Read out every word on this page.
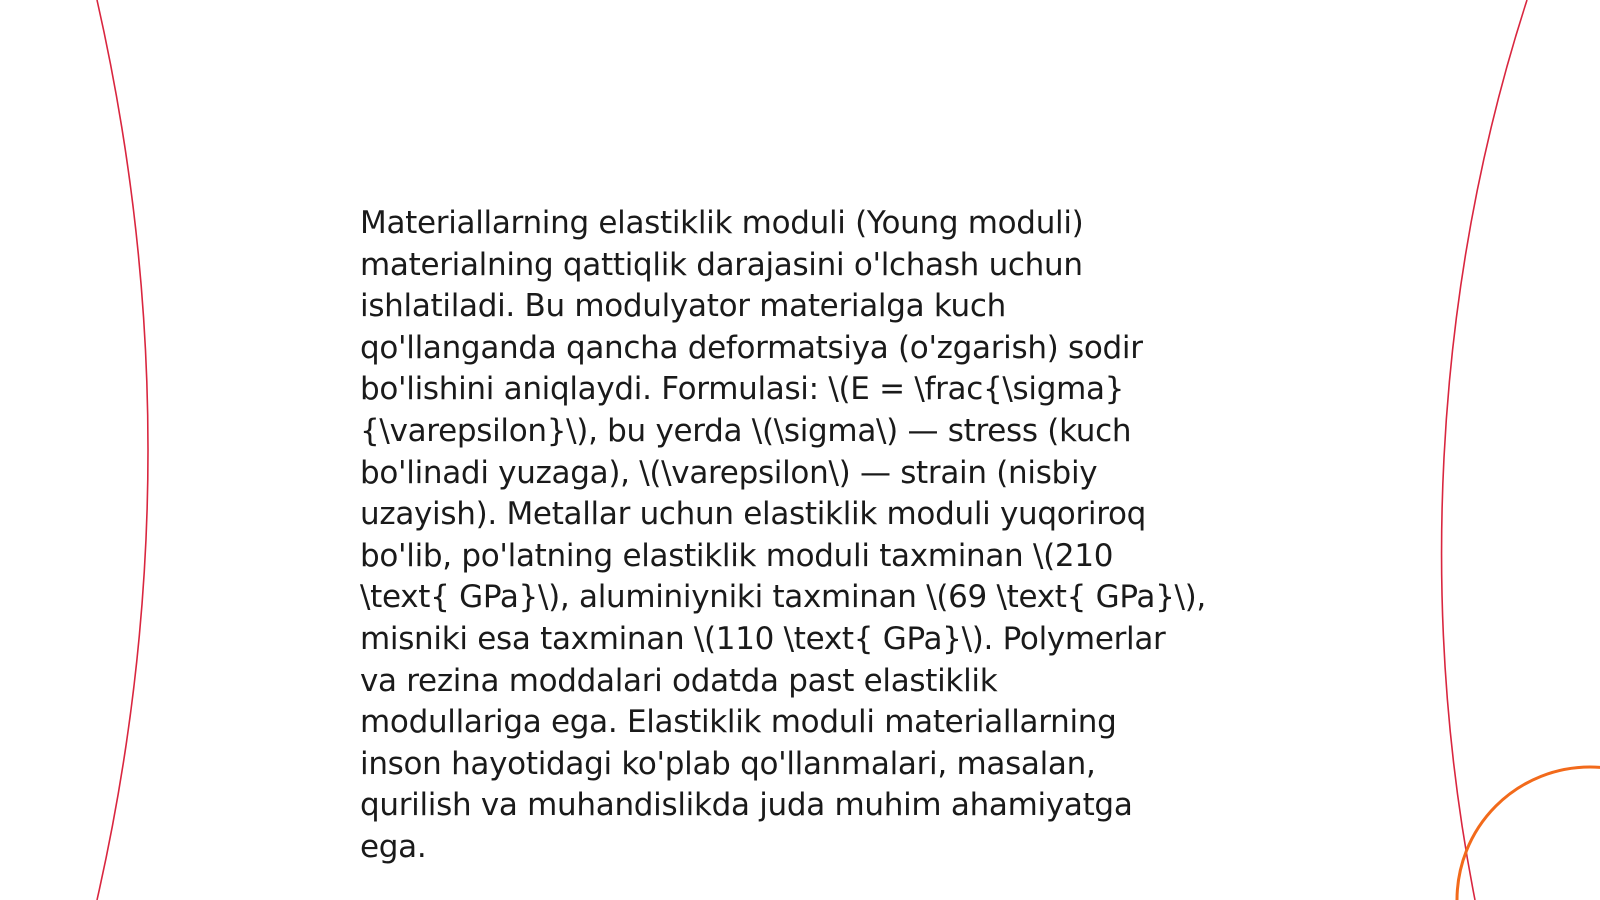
Materiallarning elastiklik moduli (Young moduli)
materialning qattiqlik darajasini o'lchash uchun
ishlatiladi. Bu modulyator materialga kuch
qo'llanganda qancha deformatsiya (o'zgarish) sodir
bo'lishini aniqlaydi. Formulasi: \(E = \frac{\sigma}
{\varepsilon}\), bu yerda \(\sigma\) — stress (kuch
bo'linadi yuzaga), \(\varepsilon\) — strain (nisbiy
uzayish). Metallar uchun elastiklik moduli yuqoriroq
bo'lib, po'latning elastiklik moduli taxminan \(210
\text{ GPa}\), aluminiyniki taxminan \(69 \text{ GPa}\),
misniki esa taxminan \(110 \text{ GPa}\). Polymerlar
va rezina moddalari odatda past elastiklik
modullariga ega. Elastiklik moduli materiallarning
inson hayotidagi ko'plab qo'llanmalari, masalan,
qurilish va muhandislikda juda muhim ahamiyatga
ega.
